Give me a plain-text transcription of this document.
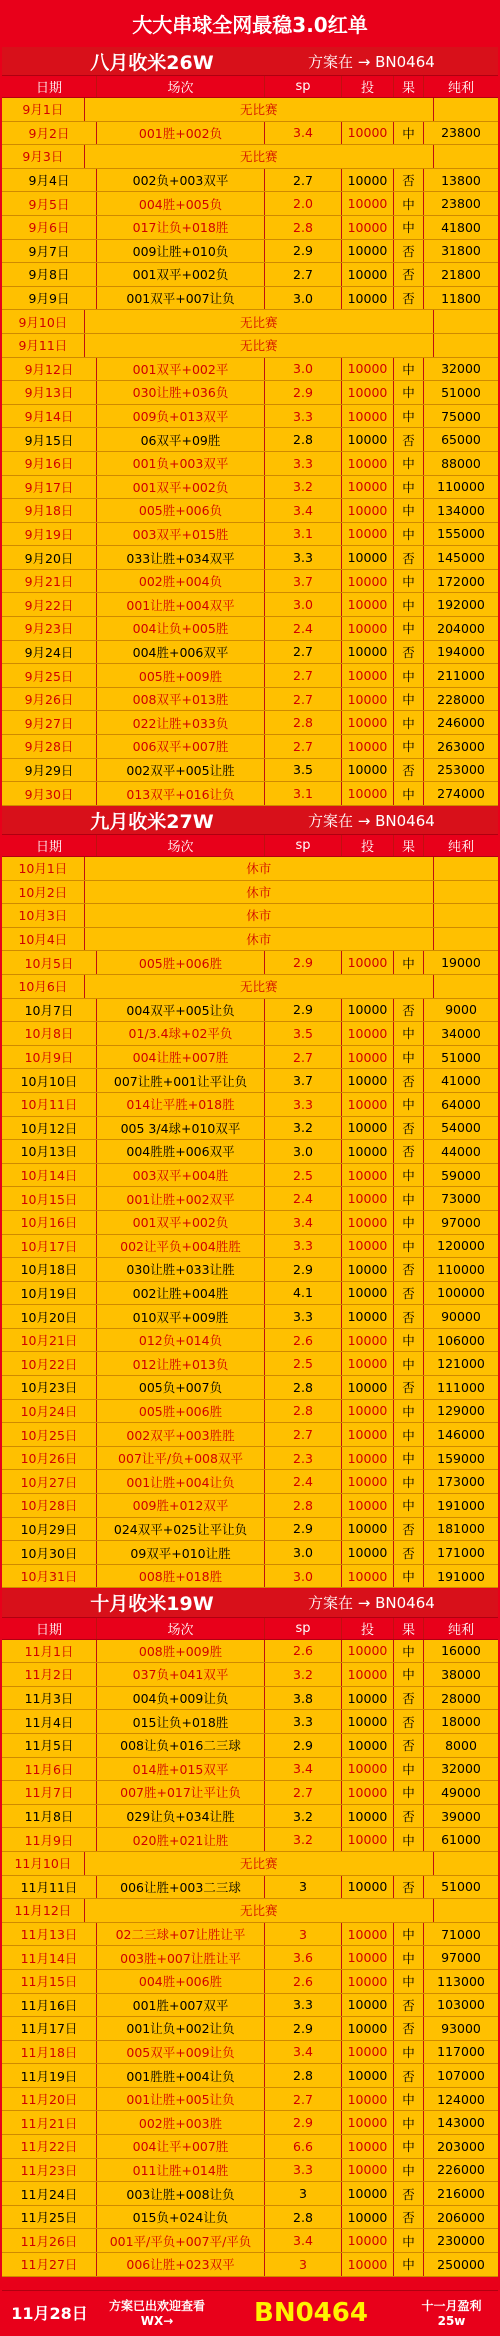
大大串球全网最稳3.0红单
八月收米26W	方案在 → BN0464
日期	场次	sp	投	果	纯利
9月1日	无比赛
9月2日	001胜+002负	3.4	10000	中	23800
9月3日	无比赛
9月4日	002负+003双平	2.7	10000	否	13800
9月5日	004胜+005负	2.0	10000	中	23800
9月6日	017让负+018胜	2.8	10000	中	41800
9月7日	009让胜+010负	2.9	10000	否	31800
9月8日	001双平+002负	2.7	10000	否	21800
9月9日	001双平+007让负	3.0	10000	否	11800
9月10日	无比赛
9月11日	无比赛
9月12日	001双平+002平	3.0	10000	中	32000
9月13日	030让胜+036负	2.9	10000	中	51000
9月14日	009负+013双平	3.3	10000	中	75000
9月15日	06双平+09胜	2.8	10000	否	65000
9月16日	001负+003双平	3.3	10000	中	88000
9月17日	001双平+002负	3.2	10000	中	110000
9月18日	005胜+006负	3.4	10000	中	134000
9月19日	003双平+015胜	3.1	10000	中	155000
9月20日	033让胜+034双平	3.3	10000	否	145000
9月21日	002胜+004负	3.7	10000	中	172000
9月22日	001让胜+004双平	3.0	10000	中	192000
9月23日	004让负+005胜	2.4	10000	中	204000
9月24日	004胜+006双平	2.7	10000	否	194000
9月25日	005胜+009胜	2.7	10000	中	211000
9月26日	008双平+013胜	2.7	10000	中	228000
9月27日	022让胜+033负	2.8	10000	中	246000
9月28日	006双平+007胜	2.7	10000	中	263000
9月29日	002双平+005让胜	3.5	10000	否	253000
9月30日	013双平+016让负	3.1	10000	中	274000
九月收米27W	方案在 → BN0464
日期	场次	sp	投	果	纯利
10月1日	休市
10月2日	休市
10月3日	休市
10月4日	休市
10月5日	005胜+006胜	2.9	10000	中	19000
10月6日	无比赛
10月7日	004双平+005让负	2.9	10000	否	9000
10月8日	01/3.4球+02平负	3.5	10000	中	34000
10月9日	004让胜+007胜	2.7	10000	中	51000
10月10日	007让胜+001让平让负	3.7	10000	否	41000
10月11日	014让平胜+018胜	3.3	10000	中	64000
10月12日	005 3/4球+010双平	3.2	10000	否	54000
10月13日	004胜胜+006双平	3.0	10000	否	44000
10月14日	003双平+004胜	2.5	10000	中	59000
10月15日	001让胜+002双平	2.4	10000	中	73000
10月16日	001双平+002负	3.4	10000	中	97000
10月17日	002让平负+004胜胜	3.3	10000	中	120000
10月18日	030让胜+033让胜	2.9	10000	否	110000
10月19日	002让胜+004胜	4.1	10000	否	100000
10月20日	010双平+009胜	3.3	10000	否	90000
10月21日	012负+014负	2.6	10000	中	106000
10月22日	012让胜+013负	2.5	10000	中	121000
10月23日	005负+007负	2.8	10000	否	111000
10月24日	005胜+006胜	2.8	10000	中	129000
10月25日	002双平+003胜胜	2.7	10000	中	146000
10月26日	007让平/负+008双平	2.3	10000	中	159000
10月27日	001让胜+004让负	2.4	10000	中	173000
10月28日	009胜+012双平	2.8	10000	中	191000
10月29日	024双平+025让平让负	2.9	10000	否	181000
10月30日	09双平+010让胜	3.0	10000	否	171000
10月31日	008胜+018胜	3.0	10000	中	191000
十月收米19W	方案在 → BN0464
日期	场次	sp	投	果	纯利
11月1日	008胜+009胜	2.6	10000	中	16000
11月2日	037负+041双平	3.2	10000	中	38000
11月3日	004负+009让负	3.8	10000	否	28000
11月4日	015让负+018胜	3.3	10000	否	18000
11月5日	008让负+016二三球	2.9	10000	否	8000
11月6日	014胜+015双平	3.4	10000	中	32000
11月7日	007胜+017让平让负	2.7	10000	中	49000
11月8日	029让负+034让胜	3.2	10000	否	39000
11月9日	020胜+021让胜	3.2	10000	中	61000
11月10日	无比赛
11月11日	006让胜+003二三球	3	10000	否	51000
11月12日	无比赛
11月13日	02二三球+07让胜让平	3	10000	中	71000
11月14日	003胜+007让胜让平	3.6	10000	中	97000
11月15日	004胜+006胜	2.6	10000	中	113000
11月16日	001胜+007双平	3.3	10000	否	103000
11月17日	001让负+002让负	2.9	10000	否	93000
11月18日	005双平+009让负	3.4	10000	中	117000
11月19日	001胜胜+004让负	2.8	10000	否	107000
11月20日	001让胜+005让负	2.7	10000	中	124000
11月21日	002胜+003胜	2.9	10000	中	143000
11月22日	004让平+007胜	6.6	10000	中	203000
11月23日	011让胜+014胜	3.3	10000	中	226000
11月24日	003让胜+008让负	3	10000	否	216000
11月25日	015负+024让负	2.8	10000	否	206000
11月26日	001平/平负+007平/平负	3.4	10000	中	230000
11月27日	006让胜+023双平	3	10000	中	250000
11月28日	方案已出欢迎查看
WX→	BN0464	十一月盈利
25w
